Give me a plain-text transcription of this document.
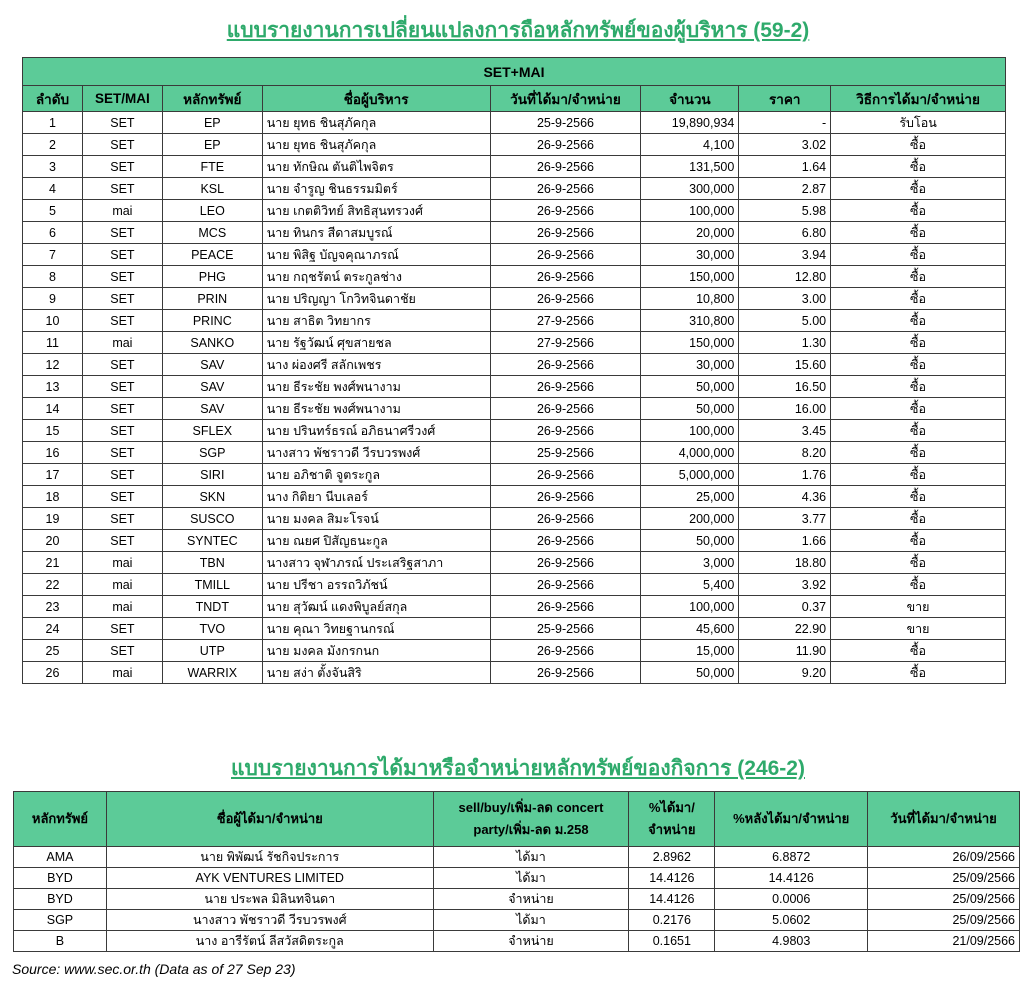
แบบรายงานการเปลี่ยนแปลงการถือหลักทรัพย์ของผู้บริหาร (59-2)
SET+MAI							
ลำดับ	SET/MAI	หลักทรัพย์	ชื่อผู้บริหาร	วันที่ได้มา/จำหน่าย	จำนวน	ราคา	วิธีการได้มา/จำหน่าย
1	SET	EP	นาย ยุทธ ชินสุภัคกุล	25-9-2566	19,890,934	-	รับโอน
2	SET	EP	นาย ยุทธ ชินสุภัคกุล	26-9-2566	4,100	3.02	ซื้อ
3	SET	FTE	นาย ทักษิณ ตันติไพจิตร	26-9-2566	131,500	1.64	ซื้อ
4	SET	KSL	นาย จำรูญ ชินธรรมมิตร์	26-9-2566	300,000	2.87	ซื้อ
5	mai	LEO	นาย เกตติวิทย์ สิทธิสุนทรวงศ์	26-9-2566	100,000	5.98	ซื้อ
6	SET	MCS	นาย ทินกร สีดาสมบูรณ์	26-9-2566	20,000	6.80	ซื้อ
7	SET	PEACE	นาย พิสิฐ บัญจคุณาภรณ์	26-9-2566	30,000	3.94	ซื้อ
8	SET	PHG	นาย กฤชรัตน์ ตระกูลช่าง	26-9-2566	150,000	12.80	ซื้อ
9	SET	PRIN	นาย ปริญญา โกวิทจินดาชัย	26-9-2566	10,800	3.00	ซื้อ
10	SET	PRINC	นาย สาธิต วิทยากร	27-9-2566	310,800	5.00	ซื้อ
11	mai	SANKO	นาย รัฐวัฒน์ ศุขสายชล	27-9-2566	150,000	1.30	ซื้อ
12	SET	SAV	นาง ผ่องศรี สลักเพชร	26-9-2566	30,000	15.60	ซื้อ
13	SET	SAV	นาย ธีระชัย พงศ์พนางาม	26-9-2566	50,000	16.50	ซื้อ
14	SET	SAV	นาย ธีระชัย พงศ์พนางาม	26-9-2566	50,000	16.00	ซื้อ
15	SET	SFLEX	นาย ปรินทร์ธรณ์ อภิธนาศรีวงศ์	26-9-2566	100,000	3.45	ซื้อ
16	SET	SGP	นางสาว พัชราวดี วีรบวรพงศ์	25-9-2566	4,000,000	8.20	ซื้อ
17	SET	SIRI	นาย อภิชาติ จูตระกูล	26-9-2566	5,000,000	1.76	ซื้อ
18	SET	SKN	นาง กิติยา นีบเลอร์	26-9-2566	25,000	4.36	ซื้อ
19	SET	SUSCO	นาย มงคล สิมะโรจน์	26-9-2566	200,000	3.77	ซื้อ
20	SET	SYNTEC	นาย ณยศ ปิสัญธนะกูล	26-9-2566	50,000	1.66	ซื้อ
21	mai	TBN	นางสาว จุฬาภรณ์ ประเสริฐสาภา	26-9-2566	3,000	18.80	ซื้อ
22	mai	TMILL	นาย ปรีชา อรรถวิภัชน์	26-9-2566	5,400	3.92	ซื้อ
23	mai	TNDT	นาย สุวัฒน์ แดงพิบูลย์สกุล	26-9-2566	100,000	0.37	ขาย
24	SET	TVO	นาย คุณา วิทยฐานกรณ์	25-9-2566	45,600	22.90	ขาย
25	SET	UTP	นาย มงคล มังกรกนก	26-9-2566	15,000	11.90	ซื้อ
26	mai	WARRIX	นาย สง่า ตั้งจันสิริ	26-9-2566	50,000	9.20	ซื้อ
แบบรายงานการได้มาหรือจำหน่ายหลักทรัพย์ของกิจการ (246-2)
หลักทรัพย์	ชื่อผู้ได้มา/จำหน่าย	sell/buy/เพิ่ม-ลด concert
party/เพิ่ม-ลด ม.258	%ได้มา/
จำหน่าย	%หลังได้มา/จำหน่าย	วันที่ได้มา/จำหน่าย
AMA	นาย พิพัฒน์ รัชกิจประการ	ได้มา	2.8962	6.8872	26/09/2566
BYD	AYK VENTURES LIMITED	ได้มา	14.4126	14.4126	25/09/2566
BYD	นาย ประพล มิลินทจินดา	จำหน่าย	14.4126	0.0006	25/09/2566
SGP	นางสาว พัชราวดี วีรบวรพงศ์	ได้มา	0.2176	5.0602	25/09/2566
B	นาง อารีรัตน์ ลีสวัสดิตระกูล	จำหน่าย	0.1651	4.9803	21/09/2566
Source: www.sec.or.th (Data as of 27 Sep 23)
